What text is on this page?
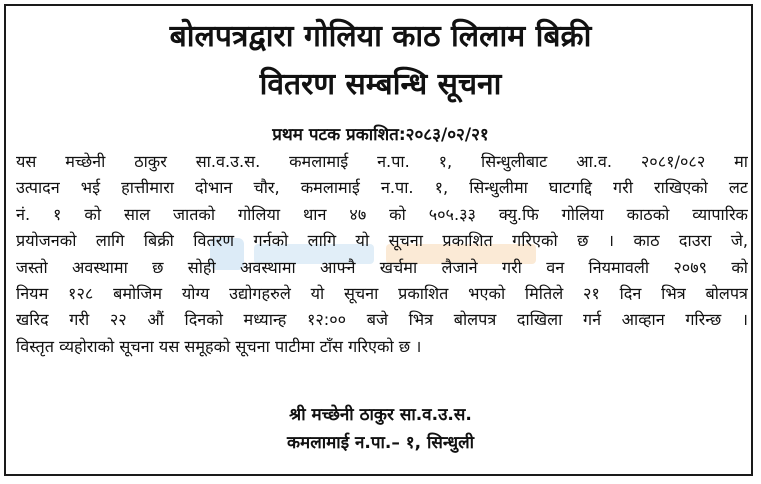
बोलपत्रद्वारा गोलिया काठ लिलाम बिक्री
वितरण सम्बन्धि सूचना
प्रथम पटक प्रकाशित:२०८३/०२/२१
यस मच्छेनी ठाकुर सा.व.उ.स. कमलामाई न.पा. १, सिन्धुलीबाट आ.व. २०८१/०८२ मा
उत्पादन भई हात्तीमारा दोभान चौर, कमलामाई न.पा. १, सिन्धुलीमा घाटगद्दि गरी राखिएको लट
नं. १ को साल जातको गोलिया थान ४७ को ५०५.३३ क्यु.फि गोलिया काठको व्यापारिक
प्रयोजनको लागि बिक्री वितरण गर्नको लागि यो सूचना प्रकाशित गरिएको छ । काठ दाउरा जे,
जस्तो अवस्थामा छ सोही अवस्थामा आफ्नै खर्चमा लैजाने गरी वन नियमावली २०७९ को
नियम १२८ बमोजिम योग्य उद्योगहरुले यो सूचना प्रकाशित भएको मितिले २१ दिन भित्र बोलपत्र
खरिद गरी २२ औं दिनको मध्यान्ह १२:०० बजे भित्र बोलपत्र दाखिला गर्न आव्हान गरिन्छ ।
विस्तृत व्यहोराको सूचना यस समूहको सूचना पाटीमा टाँस गरिएको छ ।
श्री मच्छेनी ठाकुर सा.व.उ.स.
कमलामाई न.पा.– १, सिन्धुली
